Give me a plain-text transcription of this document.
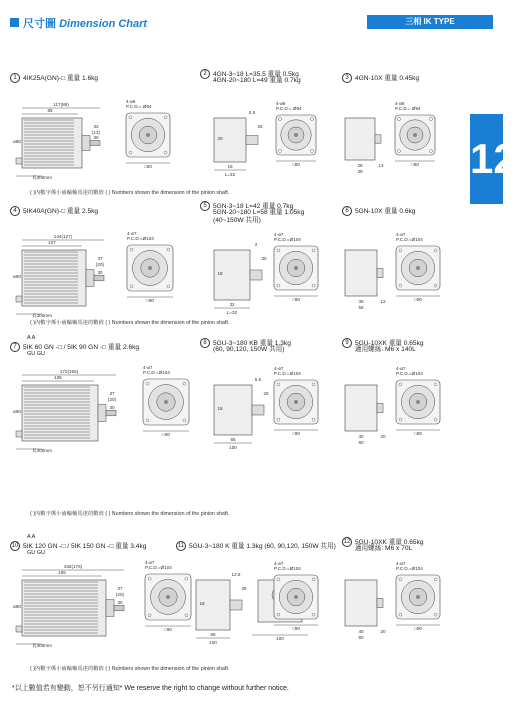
尺寸圖 Dimension Chart	三相 IK TYPE
12
1 4IK25A(GN)-□ 重量 1.6kg
2 4GN-3~18 L=35.5 重量 0.5kg
4GN-20~180 L=49 重量 0.7kg	3 4GN-10X 重量 0.45kg
4 5IK40A(GN)-□ 重量 2.5kg
5 5GN-3~18 L=42 重量 0.7kg
5GN-20~180 L=58 重量 1.05kg
(40~150W 共用)
6 5GN-10X 重量 0.6kg
A A
7 5IK 60 GN -□ / 5IK 90 GN -□ 重量 2.6kg
GU GU
8 5GU-3~180 KB 重量 1.3kg
(60, 90,120, 150W 共用)
9 5GU-10XK 重量 0.65kg
適用螺絲: M6 x 140L
A A
10 5IK 120 GN -□ / 5IK 150 GN -□ 重量 3.4kg
GU GU
11 5GU-3~180 K 重量 1.3kg (60, 90,120, 150W 共用)
12 5GU-10XK 重量 0.65kg
適用螺絲: M6 x 70L
( )內數字係小齒輪軸馬達的數值 ( ) Numbers shown the dimension of the pinion shaft.
( )內數字係小齒輪軸馬達的數值 ( ) Numbers shown the dimension of the pinion shaft.
( )內數字係小齒輪軸馬達的數值 ( ) Numbers shown the dimension of the pinion shaft.
( )內數字係小齒輪軸馬達的數值 ( ) Numbers shown the dimension of the pinion shaft.
*以上數值若有變動，恕不另行通知* We reserve the right to change without further notice.
117(88)
85
ø80
長300mm
32
(13)
30
□80
4-ø6
P.C.D.= Ø94
15
L=32
2.5
25
20
□80
4-ø6
P.C.D.= Ø94
26	13
39
□80
4-ø6
P.C.D.= Ø94
144(127)
107
ø90
長300mm
37
(20)
30
□90
4-ø7
P.C.D.=Ø104
32
L=32
2
30
18
□90
4-ø7
P.C.D.=Ø104
38	12
56
□90
4-ø7
P.C.D.=Ø104
172(155)
135
ø90
長300mm
37
(20)
30
□90
4-ø7
P.C.D.=Ø104
65
100
5.5
28
18
□90
4-ø7
P.C.D.=Ø104
40	20
60
□90
4-ø7
P.C.D.=Ø104
192(176)
155
ø90
長300mm
37
(20)
30
□90
4-ø7
P.C.D.=Ø104
65
100
12.5
28
18
100
□90
4-ø7
P.C.D.=Ø104
40	20
60
□90
4-ø7
P.C.D.=Ø104
